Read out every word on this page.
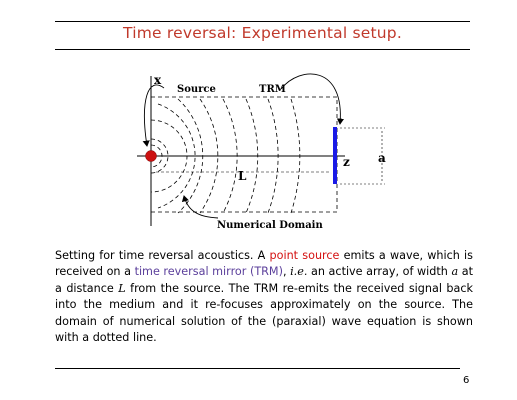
Time reversal: Experimental setup.
x
Source	TRM
z
L
a
Numerical Domain
Setting for time reversal acoustics. A point source emits a wave, which is received on a time reversal mirror (TRM), i.e. an active array, of width a at a distance L from the source. The TRM re-emits the received signal back into the medium and it re-focuses approximately on the source. The domain of numerical solution of the (paraxial) wave equation is shown with a dotted line.
6
